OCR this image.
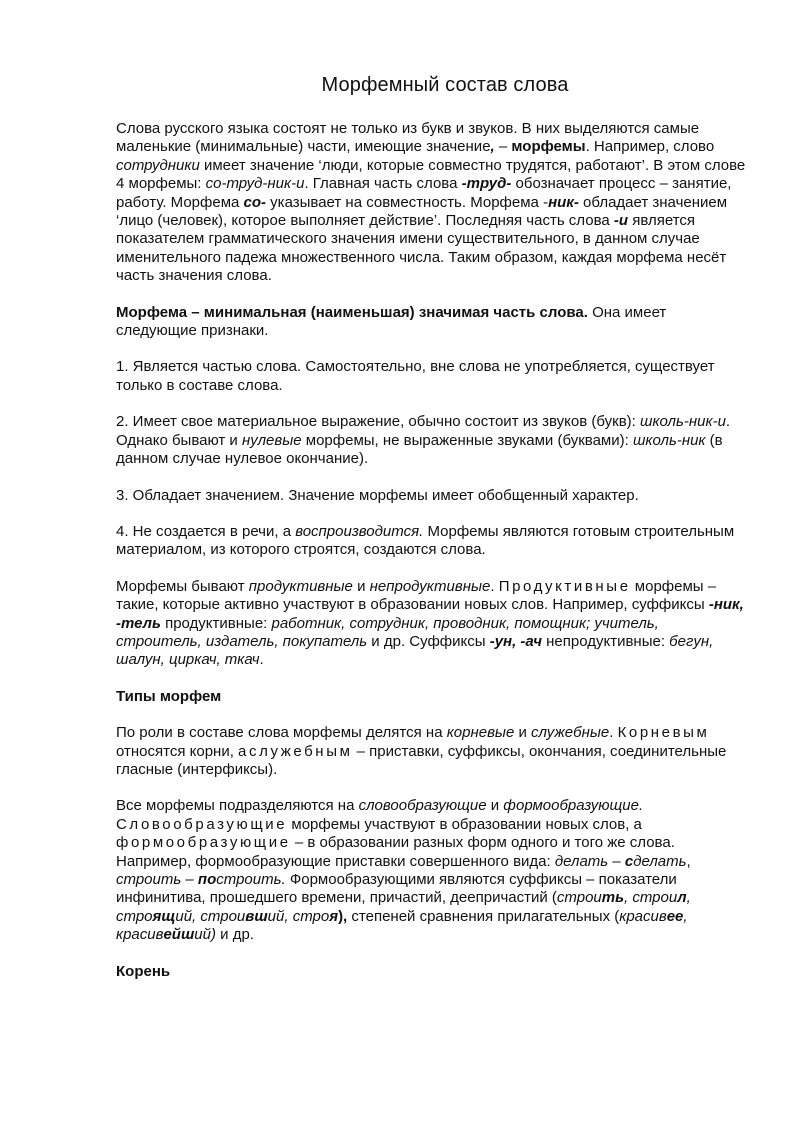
Морфемный состав слова

Слова русского языка состоят не только из букв и звуков. В них выделяются самые маленькие (минимальные) части, имеющие значение, – морфемы. Например, слово сотрудники имеет значение ‘люди, которые совместно трудятся, работают’. В этом слове 4 морфемы: со-труд-ник-и. Главная часть слова -труд- обозначает процесс – занятие, работу. Морфема со- указывает на совместность. Морфема -ник- обладает значением ‘лицо (человек), которое выполняет действие’. Последняя часть слова -и является показателем грамматического значения имени существительного, в данном случае именительного падежа множественного числа. Таким образом, каждая морфема несёт часть значения слова.

Морфема – минимальная (наименьшая) значимая часть слова. Она имеет следующие признаки.

1. Является частью слова. Самостоятельно, вне слова не употребляется, существует только в составе слова.

2. Имеет свое материальное выражение, обычно состоит из звуков (букв): школь-ник-и. Однако бывают и нулевые морфемы, не выраженные звуками (буквами): школь-ник (в данном случае нулевое окончание).

3. Обладает значением. Значение морфемы имеет обобщенный характер.

4. Не создается в речи, а воспроизводится. Морфемы являются готовым строительным материалом, из которого строятся, создаются слова.

Морфемы бывают продуктивные и непродуктивные. Продуктивные морфемы – такие, которые активно участвуют в образовании новых слов. Например, суффиксы -ник, -тель продуктивные: работник, сотрудник, проводник, помощник; учитель, строитель, издатель, покупатель и др. Суффиксы -ун, -ач непродуктивные: бегун, шалун, циркач, ткач.

Типы морфем

По роли в составе слова морфемы делятся на корневые и служебные. Корневым относятся корни, аслужебным – приставки, суффиксы, окончания, соединительные гласные (интерфиксы).

Все морфемы подразделяются на словообразующие и формообразующие. Словообразующие морфемы участвуют в образовании новых слов, а формообразующие – в образовании разных форм одного и того же слова. Например, формообразующие приставки совершенного вида: делать – сделать, строить – построить. Формообразующими являются суффиксы – показатели инфинитива, прошедшего времени, причастий, деепричастий (строить, строил, строящий, строивший, строя), степеней сравнения прилагательных (красивее, красивейший) и др.

Корень
